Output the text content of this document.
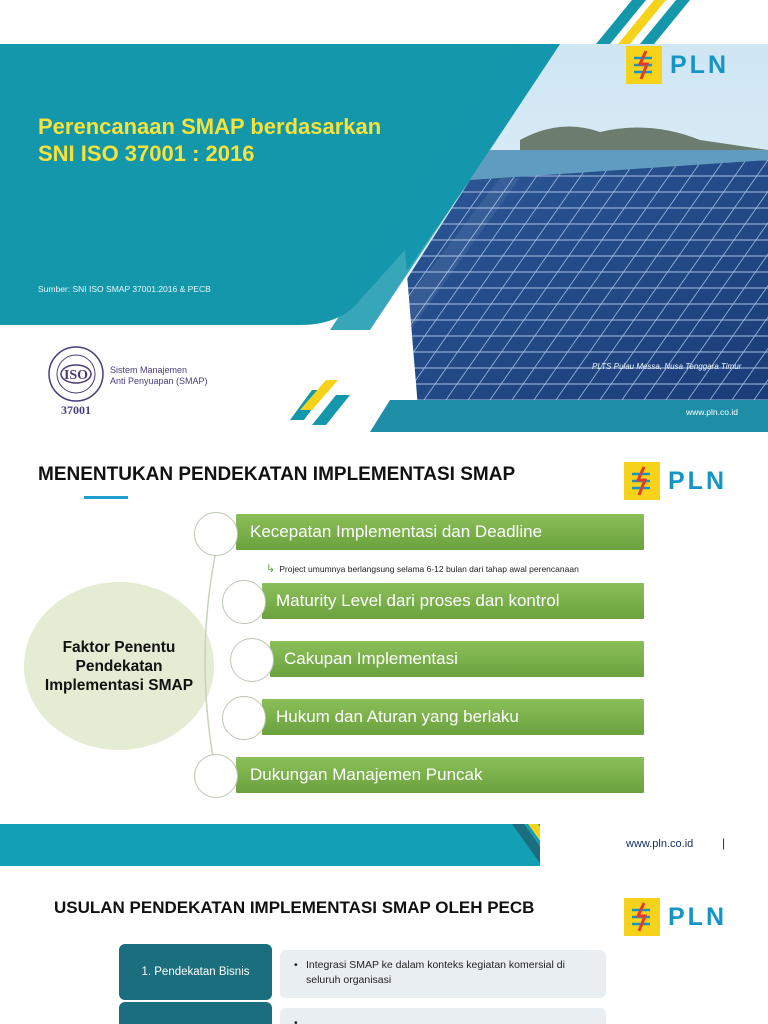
Perencanaan SMAP berdasarkan
SNI ISO 37001 : 2016
Sumber: SNI ISO SMAP 37001:2016 & PECB
ISO
37001
Sistem Manajemen
Anti Penyuapan (SMAP)
PLTS Pulau Messa, Nusa Tenggara Timur
www.pln.co.id
PLN
MENENTUKAN PENDEKATAN IMPLEMENTASI SMAP	PLN
Faktor Penentu Pendekatan Implementasi SMAP
Kecepatan Implementasi dan Deadline
↳ Project umumnya berlangsung selama 6-12 bulan dari tahap awal perencanaan
Maturity Level dari proses dan kontrol
Cakupan Implementasi
Hukum dan Aturan yang berlaku
Dukungan Manajemen Puncak
www.pln.co.id |
USULAN PENDEKATAN IMPLEMENTASI SMAP OLEH PECB	PLN
1. Pendekatan Bisnis
• Integrasi SMAP ke dalam konteks kegiatan komersial di seluruh organisasi
•
